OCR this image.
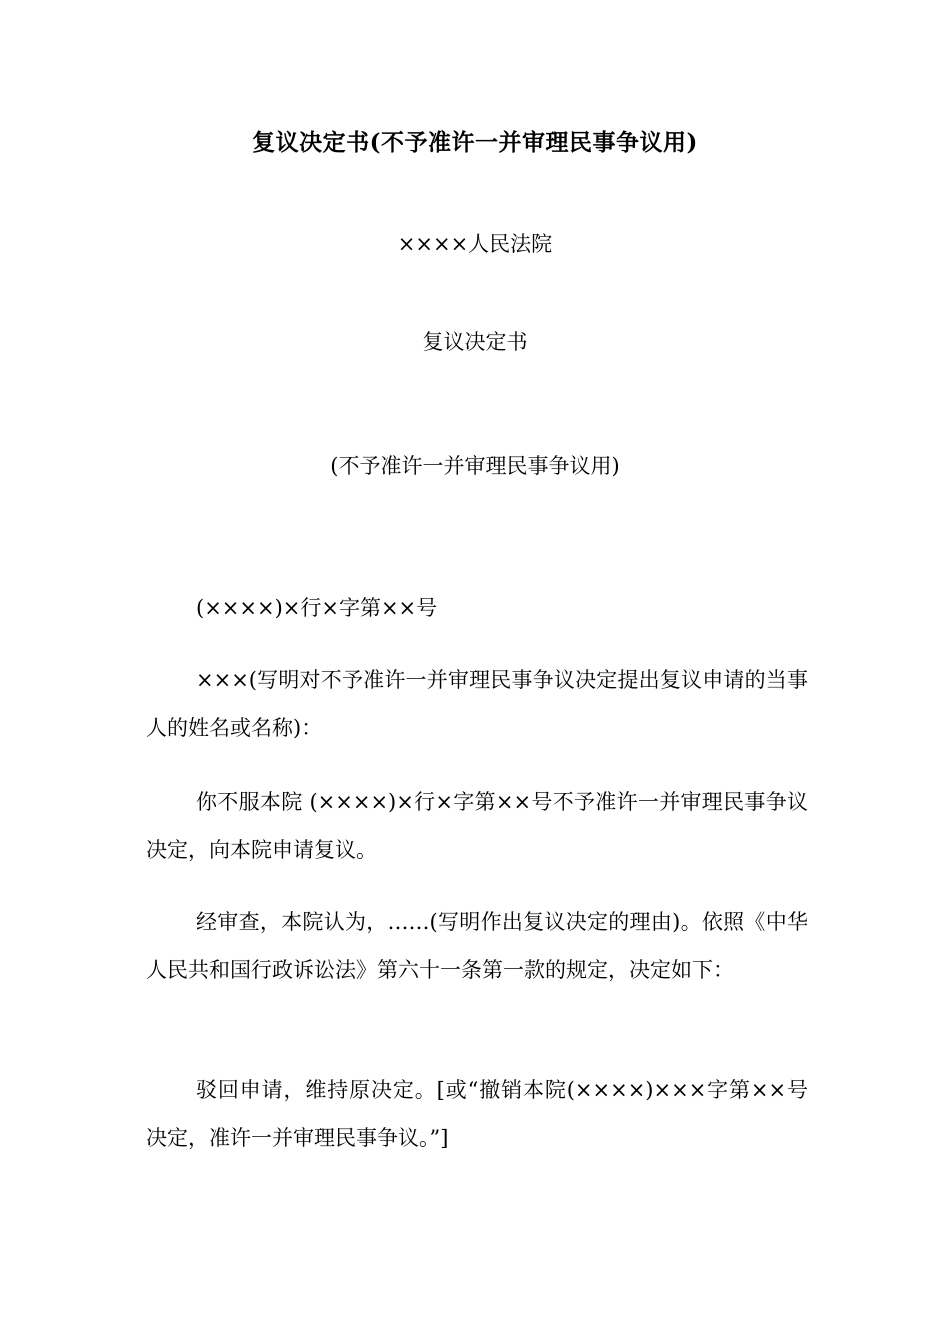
复议决定书(不予准许一并审理民事争议用)

××××人民法院

复议决定书

(不予准许一并审理民事争议用)

(××××)×行×字第××号

×××(写明对不予准许一并审理民事争议决定提出复议申请的当事人的姓名或名称)：

你不服本院 (××××)×行×字第××号不予准许一并审理民事争议决定，向本院申请复议。

经审查，本院认为，……(写明作出复议决定的理由)。依照《中华人民共和国行政诉讼法》第六十一条第一款的规定，决定如下：

驳回申请，维持原决定。[或“撤销本院(××××)×××字第××号决定，准许一并审理民事争议。”]
